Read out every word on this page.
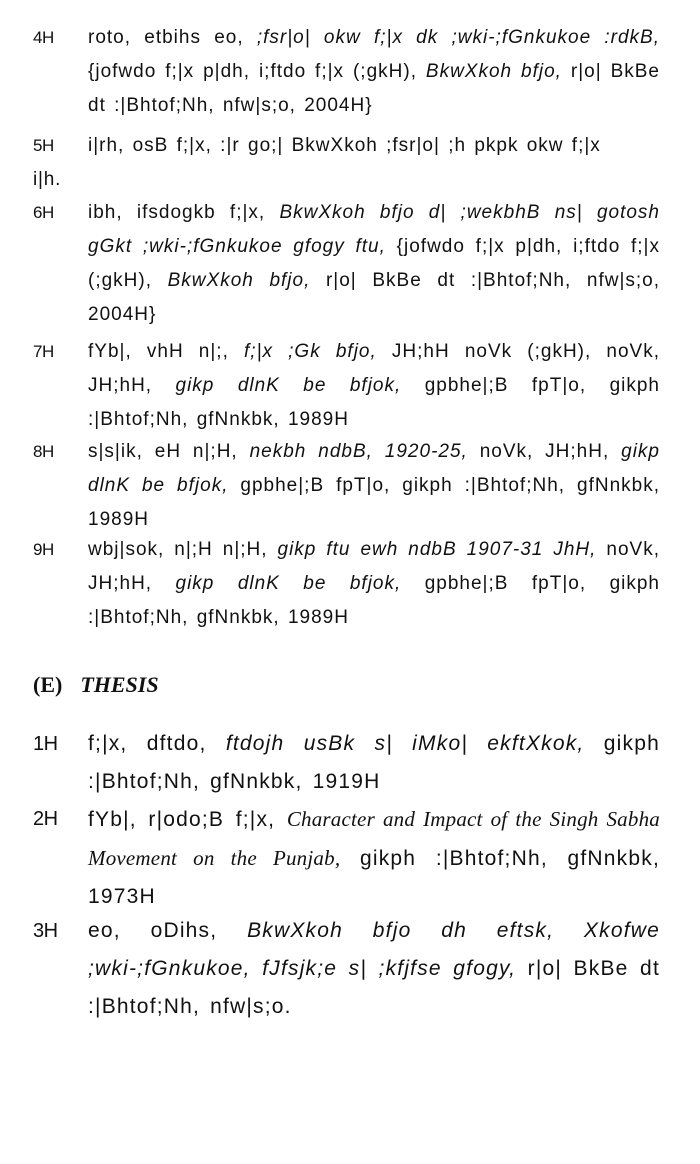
4H	roto, etbihs eo, ;fsr|o| okw f;|x dk ;wki-;fGnkukoe :rdkB, {jofwdo f;|x p|dh, i;ftdo f;|x (;gkH), BkwXkoh bfjo, r|o| BkBe dt :|Bhtof;Nh, nfw|s;o, 2004H}
5H	i|rh, osB f;|x, :|r go;| BkwXkoh ;fsr|o| ;h pkpk okw f;|x
i|h.
6H	ibh, ifsdogkb f;|x, BkwXkoh bfjo d| ;wekbhB ns| gotosh gGkt ;wki-;fGnkukoe gfogy ftu, {jofwdo f;|x p|dh, i;ftdo f;|x (;gkH), BkwXkoh bfjo, r|o| BkBe dt :|Bhtof;Nh, nfw|s;o, 2004H}
7H	fYb|, vhH n|;, f;|x ;Gk bfjo, JH;hH noVk (;gkH), noVk, JH;hH, gikp dlnK be bfjok, gpbhe|;B fpT|o, gikph :|Bhtof;Nh, gfNnkbk, 1989H
8H	s|s|ik, eH n|;H, nekbh ndbB, 1920-25, noVk, JH;hH, gikp dlnK be bfjok, gpbhe|;B fpT|o, gikph :|Bhtof;Nh, gfNnkbk, 1989H
9H	wbj|sok, n|;H n|;H, gikp ftu ewh ndbB 1907-31 JhH, noVk, JH;hH, gikp dlnK be bfjok, gpbhe|;B fpT|o, gikph :|Bhtof;Nh, gfNnkbk, 1989H
(E) THESIS
1H	f;|x, dftdo, ftdojh usBk s| iMko| ekftXkok, gikph :|Bhtof;Nh, gfNnkbk, 1919H
2H	fYb|, r|odo;B f;|x, Character and Impact of the Singh Sabha Movement on the Punjab, gikph :|Bhtof;Nh, gfNnkbk, 1973H
3H	eo, oDihs, BkwXkoh bfjo dh eftsk, Xkofwe ;wki-;fGnkukoe, fJfsjk;e s| ;kfjfse gfogy, r|o| BkBe dt :|Bhtof;Nh, nfw|s;o.
